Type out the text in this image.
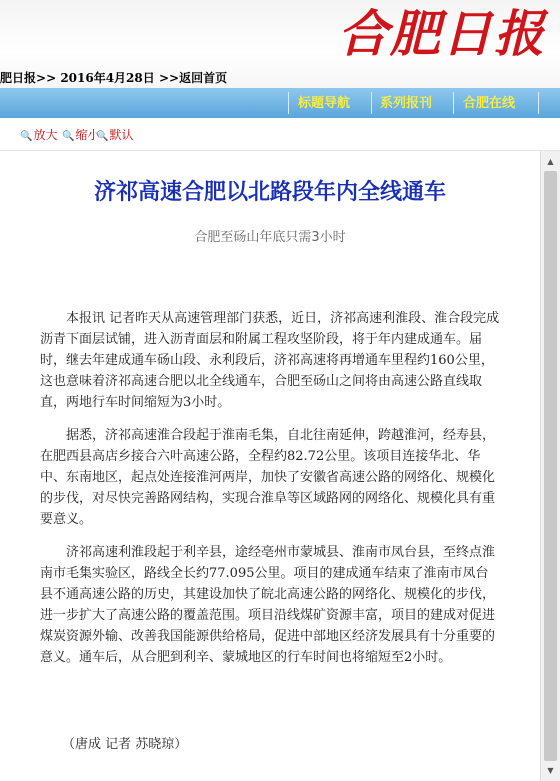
合肥日报
肥日报>> 2016年4月28日 >>返回首页
标题导航 系列报刊 合肥在线
🔍放大 🔍缩小
🔍默认
▲
▼
济祁高速合肥以北路段年内全线通车
合肥至砀山年底只需3小时

本报讯 记者昨天从高速管理部门获悉，近日，济祁高速利淮段、淮合段完成沥青下面层试铺，进入沥青面层和附属工程攻坚阶段，将于年内建成通车。届时，继去年建成通车砀山段、永利段后，济祁高速将再增通车里程约160公里，这也意味着济祁高速合肥以北全线通车，合肥至砀山之间将由高速公路直线取直，两地行车时间缩短为3小时。

据悉，济祁高速淮合段起于淮南毛集，自北往南延伸，跨越淮河，经寿县，在肥西县高店乡接合六叶高速公路，全程约82.72公里。该项目连接华北、华中、东南地区，起点处连接淮河两岸，加快了安徽省高速公路的网络化、规模化的步伐，对尽快完善路网结构，实现合淮阜等区域路网的网络化、规模化具有重要意义。

济祁高速利淮段起于利辛县，途经亳州市蒙城县、淮南市凤台县，至终点淮南市毛集实验区，路线全长约77.095公里。项目的建成通车结束了淮南市凤台县不通高速公路的历史，其建设加快了皖北高速公路的网络化、规模化的步伐，进一步扩大了高速公路的覆盖范围。项目沿线煤矿资源丰富，项目的建成对促进煤炭资源外输、改善我国能源供给格局，促进中部地区经济发展具有十分重要的意义。通车后，从合肥到利辛、蒙城地区的行车时间也将缩短至2小时。

（唐成 记者 苏晓琼）
